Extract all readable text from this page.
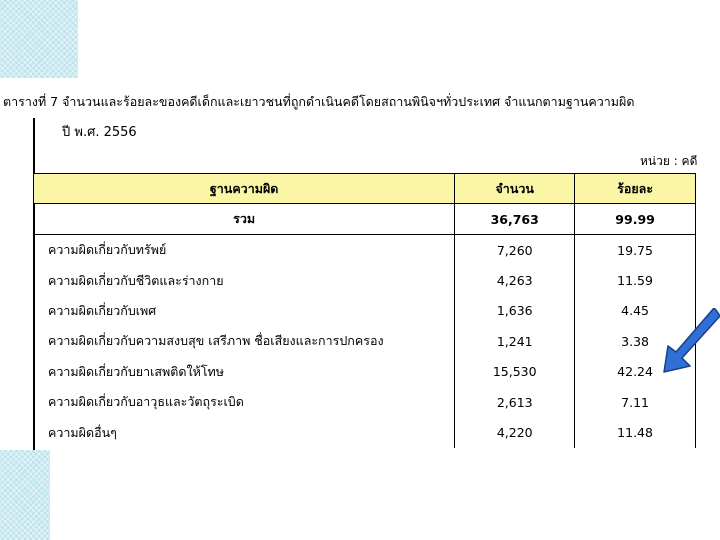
ตารางที่ 7 จำนวนและร้อยละของคดีเด็กและเยาวชนที่ถูกดำเนินคดีโดยสถานพินิจฯทั่วประเทศ จำแนกตามฐานความผิด
ปี พ.ศ. 2556
หน่วย : คดี
ฐานความผิด	จำนวน	ร้อยละ
รวม	36,763	99.99
ความผิดเกี่ยวกับทรัพย์	7,260	19.75
ความผิดเกี่ยวกับชีวิตและร่างกาย	4,263	11.59
ความผิดเกี่ยวกับเพศ	1,636	4.45
ความผิดเกี่ยวกับความสงบสุข เสรีภาพ ชื่อเสียงและการปกครอง	1,241	3.38
ความผิดเกี่ยวกับยาเสพติดให้โทษ	15,530	42.24
ความผิดเกี่ยวกับอาวุธและวัตถุระเบิด	2,613	7.11
ความผิดอื่นๆ	4,220	11.48
